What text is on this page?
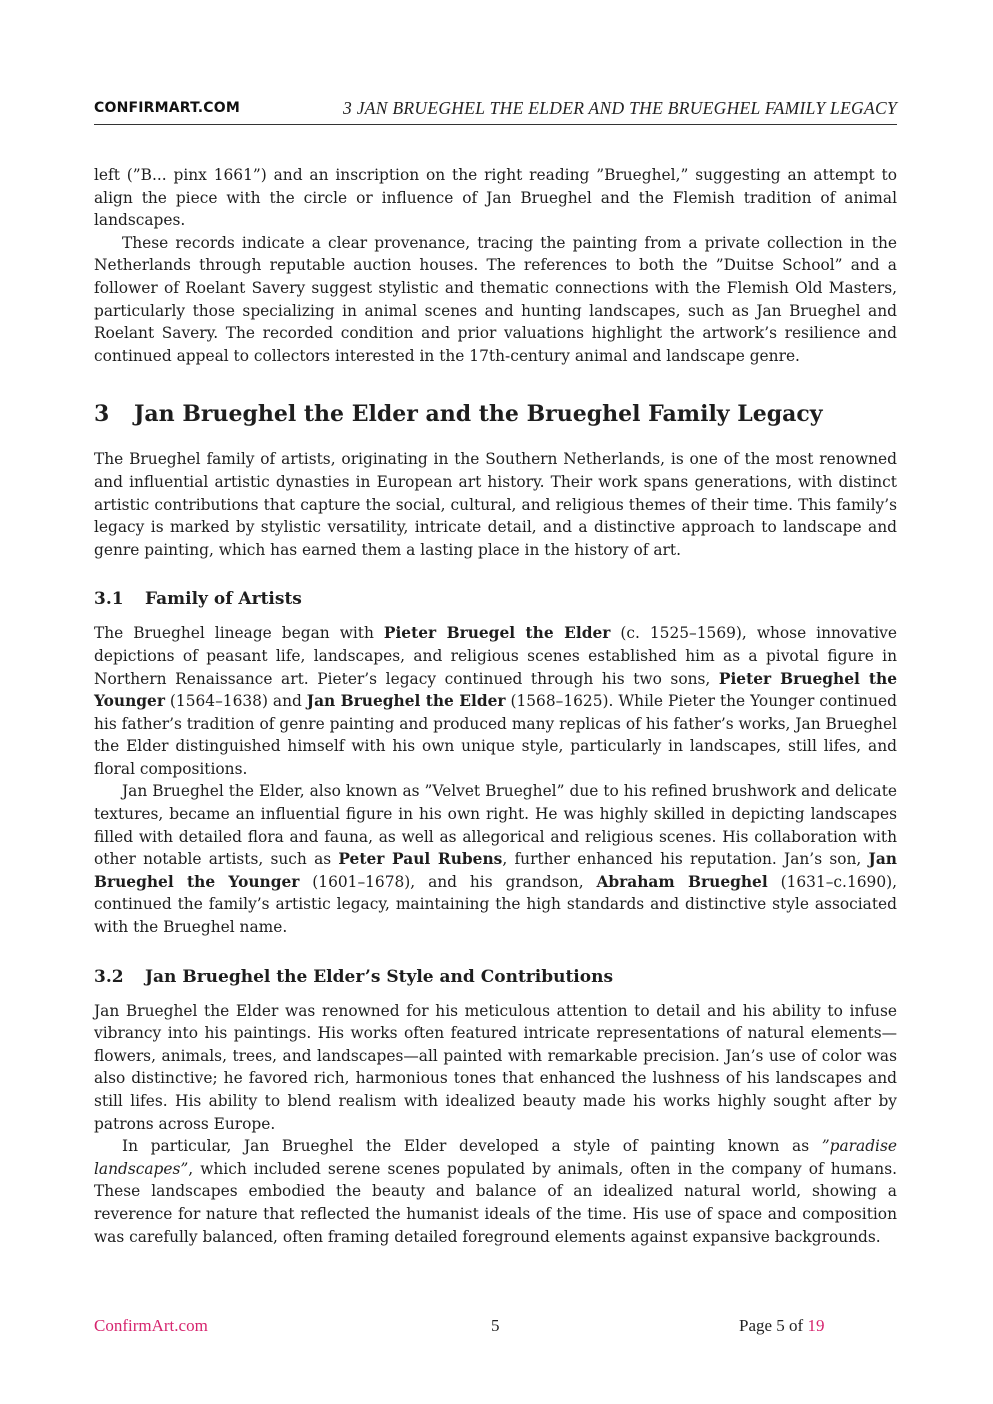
CONFIRMART.COM	3 JAN BRUEGHEL THE ELDER AND THE BRUEGHEL FAMILY LEGACY

left (”B... pinx 1661”) and an inscription on the right reading ”Brueghel,” suggesting an attempt to align the piece with the circle or influence of Jan Brueghel and the Flemish tradition of animal landscapes.

These records indicate a clear provenance, tracing the painting from a private collection in the Netherlands through reputable auction houses. The references to both the ”Duitse School” and a follower of Roelant Savery suggest stylistic and thematic connections with the Flemish Old Masters, particularly those specializing in animal scenes and hunting landscapes, such as Jan Brueghel and Roelant Savery. The recorded condition and prior valuations highlight the artwork’s resilience and continued appeal to collectors interested in the 17th-century animal and landscape genre.

3 Jan Brueghel the Elder and the Brueghel Family Legacy

The Brueghel family of artists, originating in the Southern Netherlands, is one of the most renowned and influential artistic dynasties in European art history. Their work spans generations, with distinct artistic contributions that capture the social, cultural, and religious themes of their time. This family’s legacy is marked by stylistic versatility, intricate detail, and a distinctive approach to landscape and genre painting, which has earned them a lasting place in the history of art.

3.1 Family of Artists

The Brueghel lineage began with Pieter Bruegel the Elder (c. 1525–1569), whose innovative depictions of peasant life, landscapes, and religious scenes established him as a pivotal figure in Northern Renaissance art. Pieter’s legacy continued through his two sons, Pieter Brueghel the Younger (1564–1638) and Jan Brueghel the Elder (1568–1625). While Pieter the Younger continued his father’s tradition of genre painting and produced many replicas of his father’s works, Jan Brueghel the Elder distinguished himself with his own unique style, particularly in landscapes, still lifes, and floral compositions.

Jan Brueghel the Elder, also known as ”Velvet Brueghel” due to his refined brushwork and delicate textures, became an influential figure in his own right. He was highly skilled in depicting landscapes filled with detailed flora and fauna, as well as allegorical and religious scenes. His collaboration with other notable artists, such as Peter Paul Rubens, further enhanced his reputation. Jan’s son, Jan Brueghel the Younger (1601–1678), and his grandson, Abraham Brueghel (1631–c.1690), continued the family’s artistic legacy, maintaining the high standards and distinctive style associated with the Brueghel name.

3.2 Jan Brueghel the Elder’s Style and Contributions

Jan Brueghel the Elder was renowned for his meticulous attention to detail and his ability to infuse vibrancy into his paintings. His works often featured intricate representations of natural elements—flowers, animals, trees, and landscapes—all painted with remarkable precision. Jan’s use of color was also distinctive; he favored rich, harmonious tones that enhanced the lushness of his landscapes and still lifes. His ability to blend realism with idealized beauty made his works highly sought after by patrons across Europe.

In particular, Jan Brueghel the Elder developed a style of painting known as ”paradise landscapes”, which included serene scenes populated by animals, often in the company of humans. These landscapes embodied the beauty and balance of an idealized natural world, showing a reverence for nature that reflected the humanist ideals of the time. His use of space and composition was carefully balanced, often framing detailed foreground elements against expansive backgrounds.

ConfirmArt.com	5	Page 5 of 19
